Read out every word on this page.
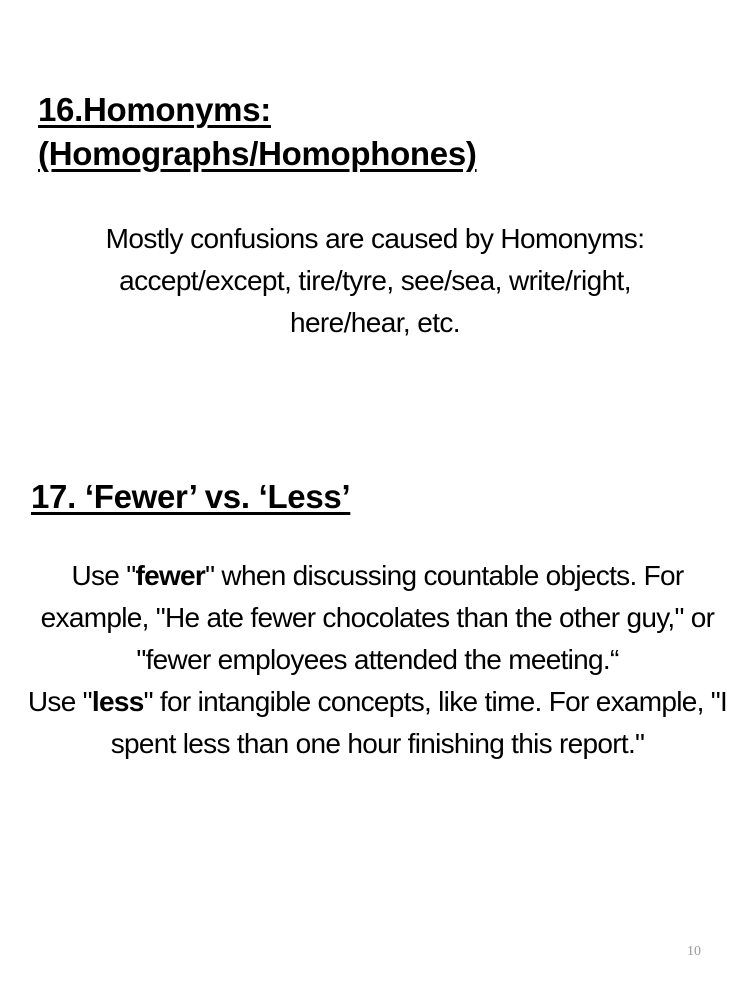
16.Homonyms:
(Homographs/Homophones)
Mostly confusions are caused by Homonyms:
accept/except, tire/tyre, see/sea, write/right,
here/hear, etc.
17. ‘Fewer’ vs. ‘Less’

Use "fewer" when discussing countable objects. For example, "He ate fewer chocolates than the other guy," or "fewer employees attended the meeting.“

Use "less" for intangible concepts, like time. For example, "I spent less than one hour finishing this report."

10
